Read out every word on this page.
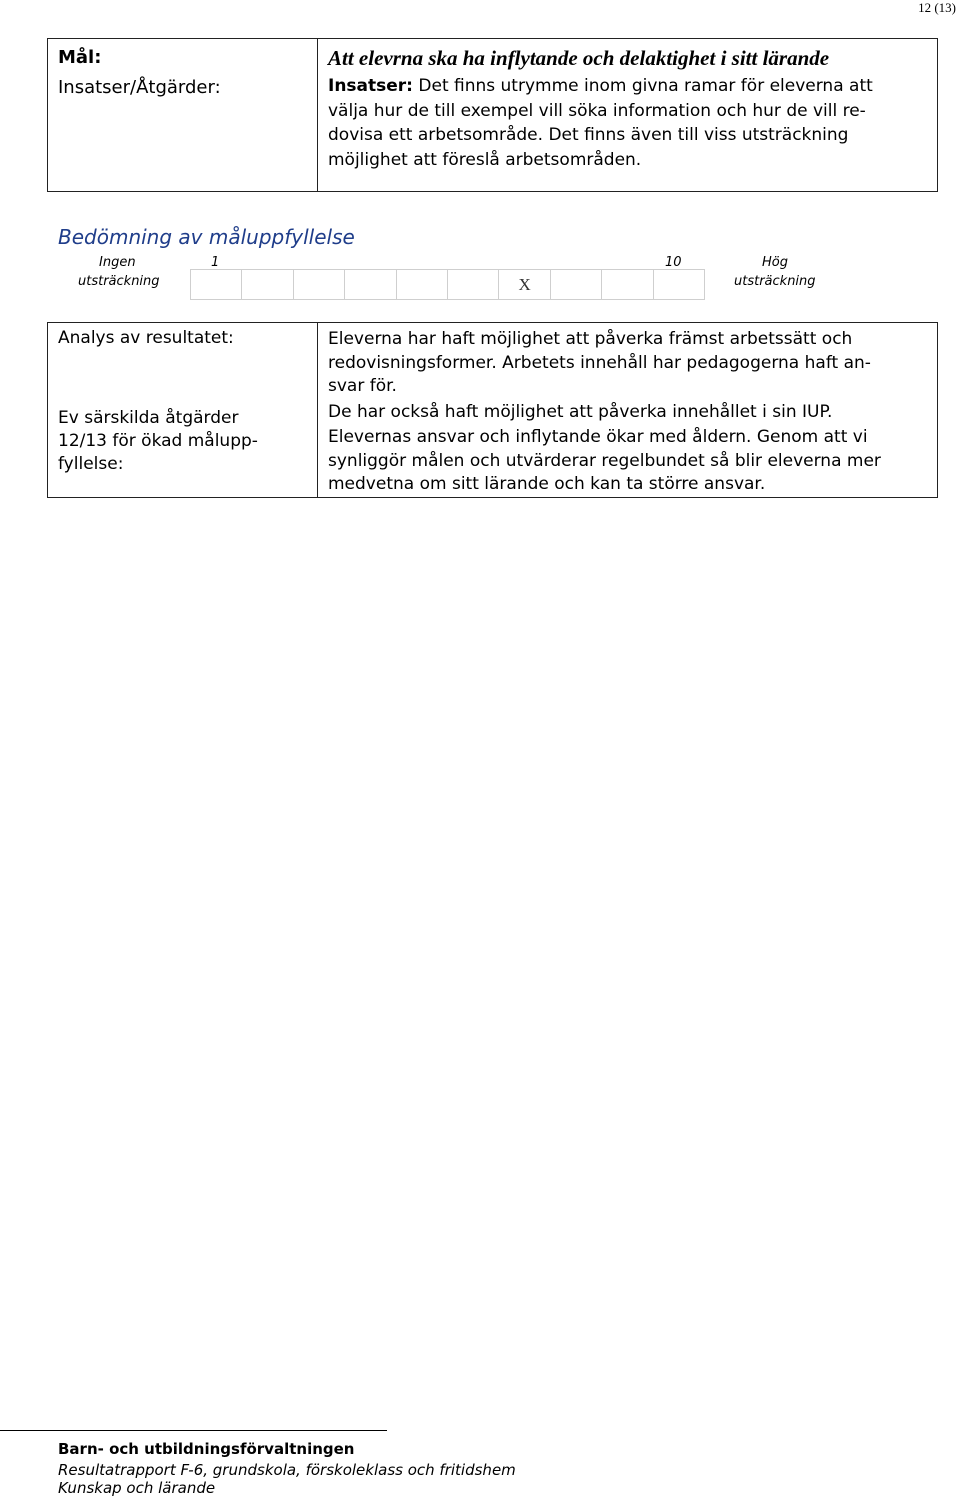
12 (13)
Mål:
Insatser/Åtgärder:

Att elevrna ska ha inflytande och delaktighet i sitt lärande
Insatser: Det finns utrymme inom givna ramar för eleverna att
välja hur de till exempel vill söka information och hur de vill re-
dovisa ett arbetsområde. Det finns även till viss utsträckning
möjlighet att föreslå arbetsområden.
Bedömning av måluppfyllelse
Ingen
utsträckning
1	10	Hög
utsträckning
X
Analys av resultatet:
Ev särskilda åtgärder
12/13 för ökad målupp-
fyllelse:

Eleverna har haft möjlighet att påverka främst arbetssätt och
redovisningsformer. Arbetets innehåll har pedagogerna haft an-
svar för.
De har också haft möjlighet att påverka innehållet i sin IUP.
Elevernas ansvar och inflytande ökar med åldern. Genom att vi
synliggör målen och utvärderar regelbundet så blir eleverna mer
medvetna om sitt lärande och kan ta större ansvar.
Barn- och utbildningsförvaltningen
Resultatrapport F-6, grundskola, förskoleklass och fritidshem
Kunskap och lärande
